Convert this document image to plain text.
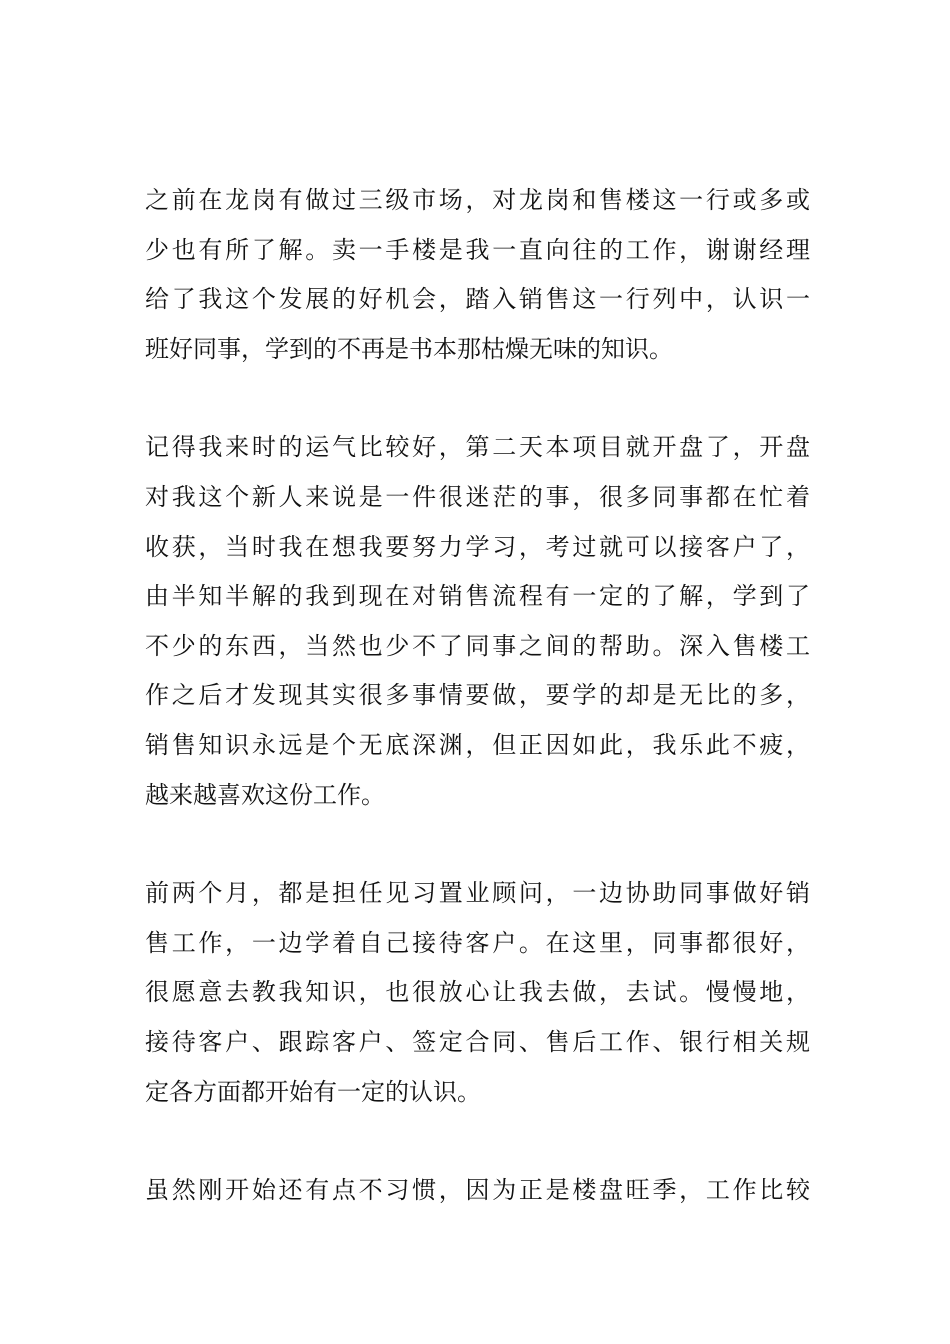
之前在龙岗有做过三级市场，对龙岗和售楼这一行或多或
少也有所了解。卖一手楼是我一直向往的工作，谢谢经理
给了我这个发展的好机会，踏入销售这一行列中，认识一
班好同事，学到的不再是书本那枯燥无味的知识。

记得我来时的运气比较好，第二天本项目就开盘了，开盘
对我这个新人来说是一件很迷茫的事，很多同事都在忙着
收获，当时我在想我要努力学习，考过就可以接客户了，
由半知半解的我到现在对销售流程有一定的了解，学到了
不少的东西，当然也少不了同事之间的帮助。深入售楼工
作之后才发现其实很多事情要做，要学的却是无比的多，
销售知识永远是个无底深渊，但正因如此，我乐此不疲，
越来越喜欢这份工作。

前两个月，都是担任见习置业顾问，一边协助同事做好销
售工作，一边学着自己接待客户。在这里，同事都很好，
很愿意去教我知识，也很放心让我去做，去试。慢慢地，
接待客户、跟踪客户、签定合同、售后工作、银行相关规
定各方面都开始有一定的认识。

虽然刚开始还有点不习惯，因为正是楼盘旺季，工作比较
